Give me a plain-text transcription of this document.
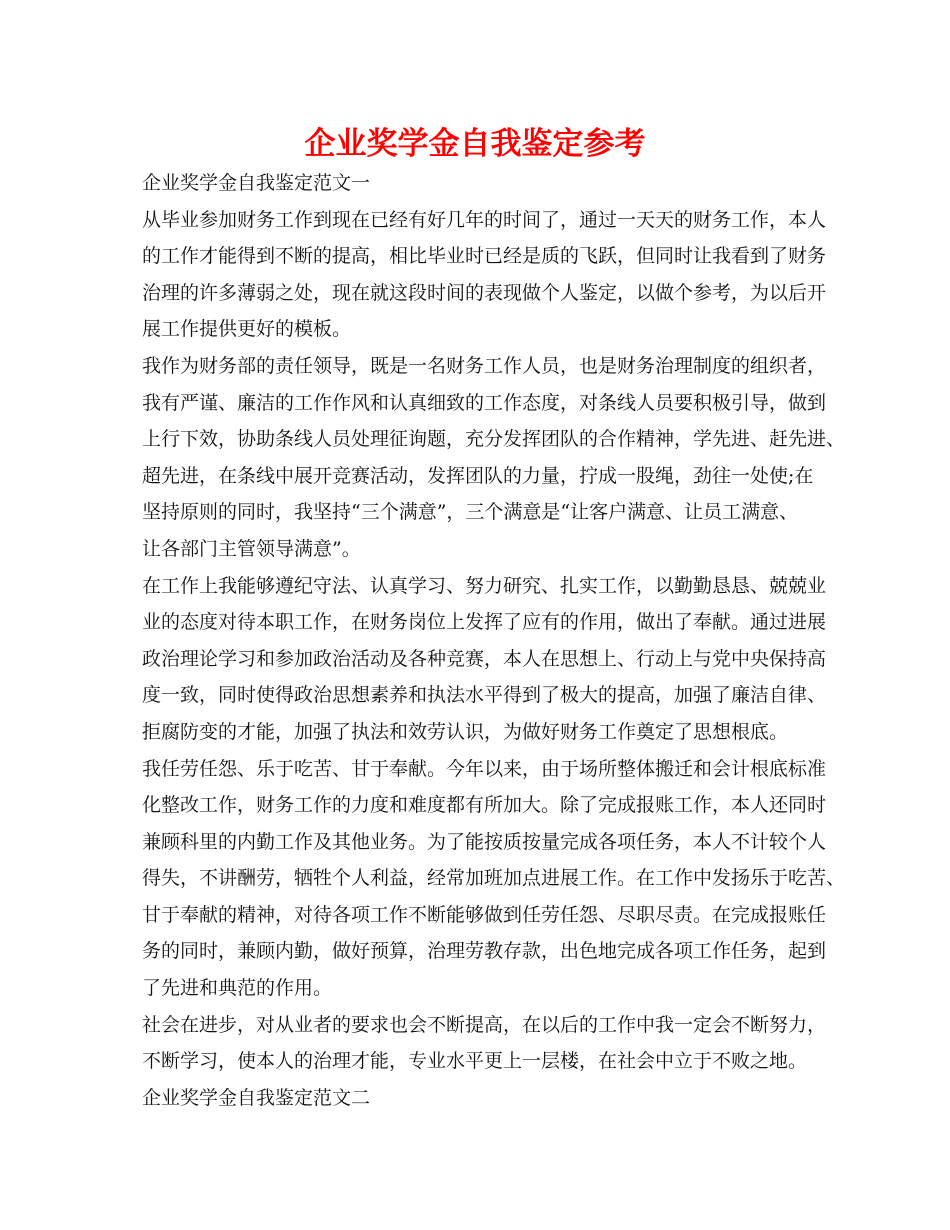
企业奖学金自我鉴定参考
企业奖学金自我鉴定范文一
从毕业参加财务工作到现在已经有好几年的时间了，通过一天天的财务工作，本人
的工作才能得到不断的提高，相比毕业时已经是质的飞跃，但同时让我看到了财务
治理的许多薄弱之处，现在就这段时间的表现做个人鉴定，以做个参考，为以后开
展工作提供更好的模板。
我作为财务部的责任领导，既是一名财务工作人员，也是财务治理制度的组织者，
我有严谨、廉洁的工作作风和认真细致的工作态度，对条线人员要积极引导，做到
上行下效，协助条线人员处理征询题，充分发挥团队的合作精神，学先进、赶先进、
超先进，在条线中展开竞赛活动，发挥团队的力量，拧成一股绳，劲往一处使;在
坚持原则的同时，我坚持“三个满意”，三个满意是“让客户满意、让员工满意、
让各部门主管领导满意”。
在工作上我能够遵纪守法、认真学习、努力研究、扎实工作，以勤勤恳恳、兢兢业
业的态度对待本职工作，在财务岗位上发挥了应有的作用，做出了奉献。通过进展
政治理论学习和参加政治活动及各种竞赛，本人在思想上、行动上与党中央保持高
度一致，同时使得政治思想素养和执法水平得到了极大的提高，加强了廉洁自律、
拒腐防变的才能，加强了执法和效劳认识，为做好财务工作奠定了思想根底。
我任劳任怨、乐于吃苦、甘于奉献。今年以来，由于场所整体搬迁和会计根底标准
化整改工作，财务工作的力度和难度都有所加大。除了完成报账工作，本人还同时
兼顾科里的内勤工作及其他业务。为了能按质按量完成各项任务，本人不计较个人
得失，不讲酬劳，牺牲个人利益，经常加班加点进展工作。在工作中发扬乐于吃苦、
甘于奉献的精神，对待各项工作不断能够做到任劳任怨、尽职尽责。在完成报账任
务的同时，兼顾内勤，做好预算，治理劳教存款，出色地完成各项工作任务，起到
了先进和典范的作用。
社会在进步，对从业者的要求也会不断提高，在以后的工作中我一定会不断努力，
不断学习，使本人的治理才能，专业水平更上一层楼，在社会中立于不败之地。
企业奖学金自我鉴定范文二
